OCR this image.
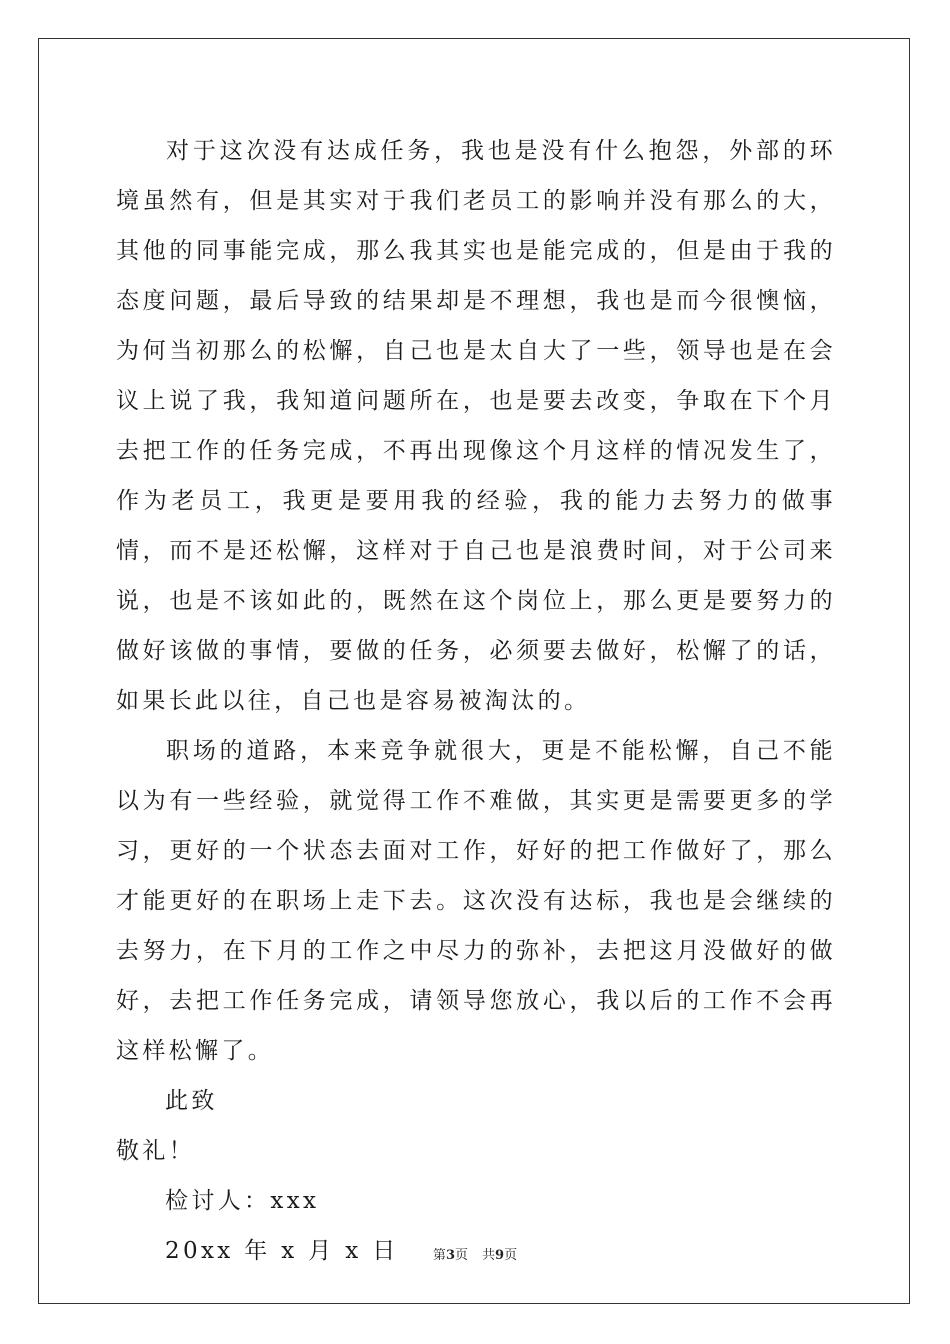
对于这次没有达成任务，我也是没有什么抱怨，外部的环境虽然有，但是其实对于我们老员工的影响并没有那么的大，其他的同事能完成，那么我其实也是能完成的，但是由于我的态度问题，最后导致的结果却是不理想，我也是而今很懊恼，为何当初那么的松懈，自己也是太自大了一些，领导也是在会议上说了我，我知道问题所在，也是要去改变，争取在下个月去把工作的任务完成，不再出现像这个月这样的情况发生了，作为老员工，我更是要用我的经验，我的能力去努力的做事情，而不是还松懈，这样对于自己也是浪费时间，对于公司来说，也是不该如此的，既然在这个岗位上，那么更是要努力的做好该做的事情，要做的任务，必须要去做好，松懈了的话，如果长此以往，自己也是容易被淘汰的。

职场的道路，本来竞争就很大，更是不能松懈，自己不能以为有一些经验，就觉得工作不难做，其实更是需要更多的学习，更好的一个状态去面对工作，好好的把工作做好了，那么才能更好的在职场上走下去。这次没有达标，我也是会继续的去努力，在下月的工作之中尽力的弥补，去把这月没做好的做好，去把工作任务完成，请领导您放心，我以后的工作不会再这样松懈了。

此致

敬礼！

检讨人：xxx

20xx 年 x 月 x 日	第3页 共9页
